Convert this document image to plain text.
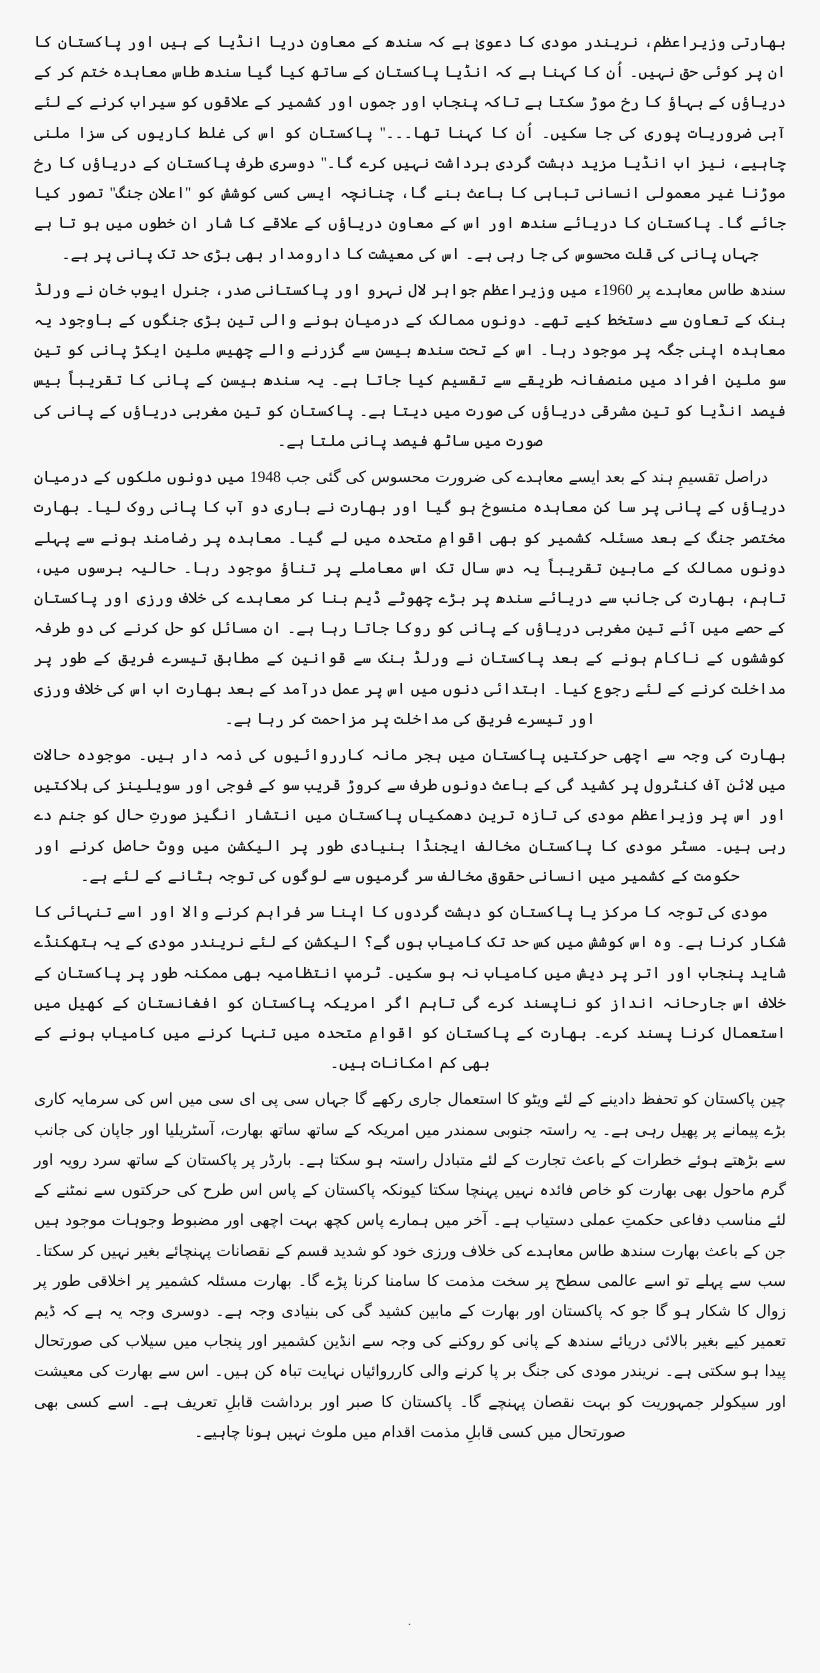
بھارتی وزیراعظم، نریندر مودی کا دعویٰ ہے کہ سندھ کے معاون دریا انڈیا کے ہیں اور پاکستان کا ان پر کوئی حق نہیں۔ اُن کا کہنا ہے کہ انڈیا پاکستان کے ساتھ کیا گیا سندھ طاس معاہدہ ختم کر کے دریاؤں کے بہاؤ کا رخ موڑ سکتا ہے تاکہ پنجاب اور جموں اور کشمیر کے علاقوں کو سیراب کرنے کے لئے آبی ضروریات پوری کی جا سکیں۔ اُن کا کہنا تھا۔۔۔'' پاکستان کو اس کی غلط کاریوں کی سزا ملنی چاہیے، نیز اب انڈیا مزید دہشت گردی برداشت نہیں کرے گا۔'' دوسری طرف پاکستان کے دریاؤں کا رخ موڑنا غیر معمولی انسانی تباہی کا باعث بنے گا، چنانچہ ایسی کسی کوشش کو ''اعلانِ جنگ'' تصور کیا جائے گا۔ پاکستان کا دریائے سندھ اور اس کے معاون دریاؤں کے علاقے کا شار ان خطوں میں ہو تا ہے جہاں پانی کی قلت محسوس کی جا رہی ہے۔ اس کی معیشت کا دارومدار بھی بڑی حد تک پانی پر ہے۔

سندھ طاس معاہدے پر 1960ء میں وزیراعظم جواہر لال نہرو اور پاکستانی صدر، جنرل ایوب خان نے ورلڈ بنک کے تعاون سے دستخط کیے تھے۔ دونوں ممالک کے درمیان ہونے والی تین بڑی جنگوں کے باوجود یہ معاہدہ اپنی جگہ پر موجود رہا۔ اس کے تحت سندھ بیسن سے گزرنے والے چھیس ملین ایکڑ پانی کو تین سو ملین افراد میں منصفانہ طریقے سے تقسیم کیا جاتا ہے۔ یہ سندھ بیسن کے پانی کا تقریباً بیس فیصد انڈیا کو تین مشرقی دریاؤں کی صورت میں دیتا ہے۔ پاکستان کو تین مغربی دریاؤں کے پانی کی صورت میں ساٹھ فیصد پانی ملتا ہے۔

دراصل تقسیمِ ہند کے بعد ایسے معاہدے کی ضرورت محسوس کی گئی جب 1948 میں دونوں ملکوں کے درمیان دریاؤں کے پانی پر سا کن معاہدہ منسوخ ہو گیا اور بھارت نے باری دو آب کا پانی روک لیا۔ بھارت مختصر جنگ کے بعد مسئلہ کشمیر کو بھی اقوامِ متحدہ میں لے گیا۔ معاہدہ پر رضامند ہونے سے پہلے دونوں ممالک کے مابین تقریباً یہ دس سال تک اس معاملے پر تناؤ موجود رہا۔ حالیہ برسوں میں، تاہم، بھارت کی جانب سے دریائے سندھ پر بڑے چھوٹے ڈیم بنا کر معاہدے کی خلاف ورزی اور پاکستان کے حصے میں آئے تین مغربی دریاؤں کے پانی کو روکا جاتا رہا ہے۔ ان مسائل کو حل کرنے کی دو طرفہ کوششوں کے ناکام ہونے کے بعد پاکستان نے ورلڈ بنک سے قوانین کے مطابق تیسرے فریق کے طور پر مداخلت کرنے کے لئے رجوع کیا۔ ابتدائی دنوں میں اس پر عمل درآمد کے بعد بھارت اب اس کی خلاف ورزی اور تیسرے فریق کی مداخلت پر مزاحمت کر رہا ہے۔

بھارت کی وجہ سے اچھی حرکتیں پاکستان میں ہجر مانہ کارروائیوں کی ذمہ دار ہیں۔ موجودہ حالات میں لائن آف کنٹرول پر کشید گی کے باعث دونوں طرف سے کروڑ قریب سو کے فوجی اور سویلینز کی ہلاکتیں اور اس پر وزیراعظم مودی کی تازہ ترین دھمکیاں پاکستان میں انتشار انگیز صورتِ حال کو جنم دے رہی ہیں۔ مسٹر مودی کا پاکستان مخالف ایجنڈا بنیادی طور پر الیکشن میں ووٹ حاصل کرنے اور حکومت کے کشمیر میں انسانی حقوق مخالف سر گرمیوں سے لوگوں کی توجہ ہٹانے کے لئے ہے۔

مودی کی توجہ کا مرکز یا پاکستان کو دہشت گردوں کا اپنا سر فراہم کرنے والا اور اسے تنہائی کا شکار کرنا ہے۔ وہ اس کوشش میں کس حد تک کامیاب ہوں گے؟ الیکشن کے لئے نریندر مودی کے یہ ہتھکنڈے شاید پنجاب اور اتر پر دیش میں کامیاب نہ ہو سکیں۔ ٹرمپ انتظامیہ بھی ممکنہ طور پر پاکستان کے خلاف اس جارحانہ انداز کو ناپسند کرے گی تاہم اگر امریکہ پاکستان کو افغانستان کے کھیل میں استعمال کرنا پسند کرے۔ بھارت کے پاکستان کو اقوامِ متحدہ میں تنہا کرنے میں کامیاب ہونے کے بھی کم امکانات ہیں۔

چین پاکستان کو تحفظ دادینے کے لئے ویٹو کا استعمال جاری رکھے گا جہاں سی پی ای سی میں اس کی سرمایہ کاری بڑے پیمانے پر پھیل رہی ہے۔ یہ راستہ جنوبی سمندر میں امریکہ کے ساتھ ساتھ بھارت، آسٹریلیا اور جاپان کی جانب سے بڑھتے ہوئے خطرات کے باعث تجارت کے لئے متبادل راستہ ہو سکتا ہے۔ بارڈر پر پاکستان کے ساتھ سرد رویہ اور گرم ماحول بھی بھارت کو خاص فائدہ نہیں پہنچا سکتا کیونکہ پاکستان کے پاس اس طرح کی حرکتوں سے نمٹنے کے لئے مناسب دفاعی حکمتِ عملی دستیاب ہے۔ آخر میں ہمارے پاس کچھ بہت اچھی اور مضبوط وجوہات موجود ہیں جن کے باعث بھارت سندھ طاس معاہدے کی خلاف ورزی خود کو شدید قسم کے نقصانات پہنچائے بغیر نہیں کر سکتا۔ سب سے پہلے تو اسے عالمی سطح پر سخت مذمت کا سامنا کرنا پڑے گا۔ بھارت مسئلہ کشمیر پر اخلاقی طور پر زوال کا شکار ہو گا جو کہ پاکستان اور بھارت کے مابین کشید گی کی بنیادی وجہ ہے۔ دوسری وجہ یہ ہے کہ ڈیم تعمیر کیے بغیر بالائی دریائے سندھ کے پانی کو روکنے کی وجہ سے انڈین کشمیر اور پنجاب میں سیلاب کی صورتحال پیدا ہو سکتی ہے۔ نریندر مودی کی جنگ بر پا کرنے والی کارروائیاں نہایت تباہ کن ہیں۔ اس سے بھارت کی معیشت اور سیکولر جمہوریت کو بہت نقصان پہنچے گا۔ پاکستان کا صبر اور برداشت قابلِ تعریف ہے۔ اسے کسی بھی صورتحال میں کسی قابلِ مذمت اقدام میں ملوث نہیں ہونا چاہیے۔

.
